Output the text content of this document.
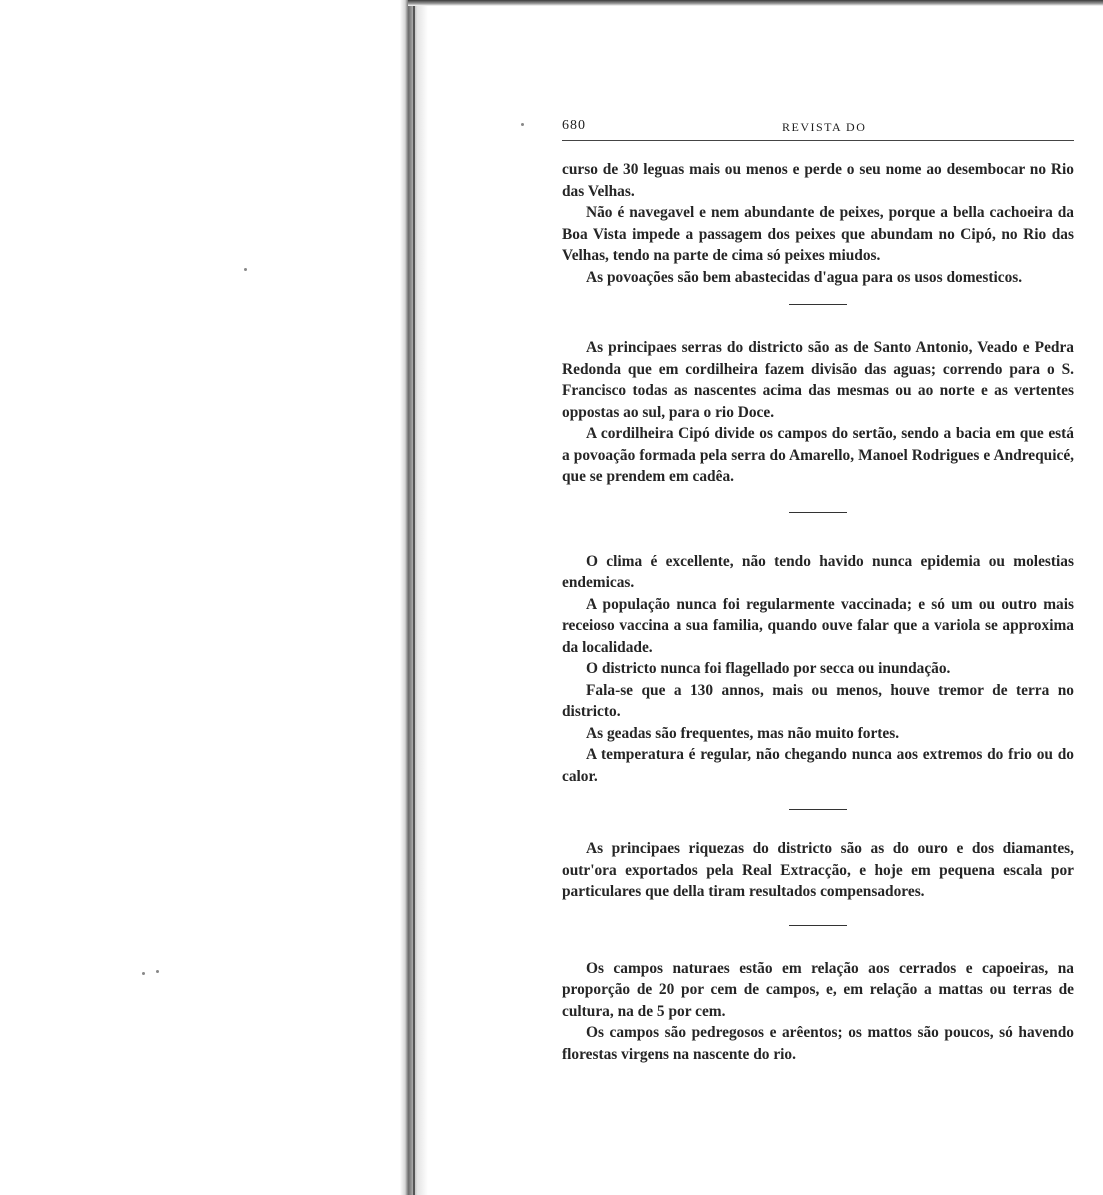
680	REVISTA DO

curso de 30 leguas mais ou menos e perde o seu nome ao desembocar no Rio das Velhas.

Não é navegavel e nem abundante de peixes, porque a bella cachoeira da Boa Vista impede a passagem dos peixes que abundam no Cipó, no Rio das Velhas, tendo na parte de cima só peixes miudos.

As povoações são bem abastecidas d'agua para os usos domesticos.

As principaes serras do districto são as de Santo Antonio, Veado e Pedra Redonda que em cordilheira fazem divisão das aguas; correndo para o S. Francisco todas as nascentes acima das mesmas ou ao norte e as vertentes oppostas ao sul, para o rio Doce.

A cordilheira Cipó divide os campos do sertão, sendo a bacia em que está a povoação formada pela serra do Amarello, Manoel Rodrigues e Andrequicé, que se prendem em cadêa.

O clima é excellente, não tendo havido nunca epidemia ou molestias endemicas.

A população nunca foi regularmente vaccinada; e só um ou outro mais receioso vaccina a sua familia, quando ouve falar que a variola se approxima da localidade.

O districto nunca foi flagellado por secca ou inundação.

Fala-se que a 130 annos, mais ou menos, houve tremor de terra no districto.

As geadas são frequentes, mas não muito fortes.

A temperatura é regular, não chegando nunca aos extremos do frio ou do calor.

As principaes riquezas do districto são as do ouro e dos diamantes, outr'ora exportados pela Real Extracção, e hoje em pequena escala por particulares que della tiram resultados compensadores.

Os campos naturaes estão em relação aos cerrados e capoeiras, na proporção de 20 por cem de campos, e, em relação a mattas ou terras de cultura, na de 5 por cem.

Os campos são pedregosos e arêentos; os mattos são poucos, só havendo florestas virgens na nascente do rio.
